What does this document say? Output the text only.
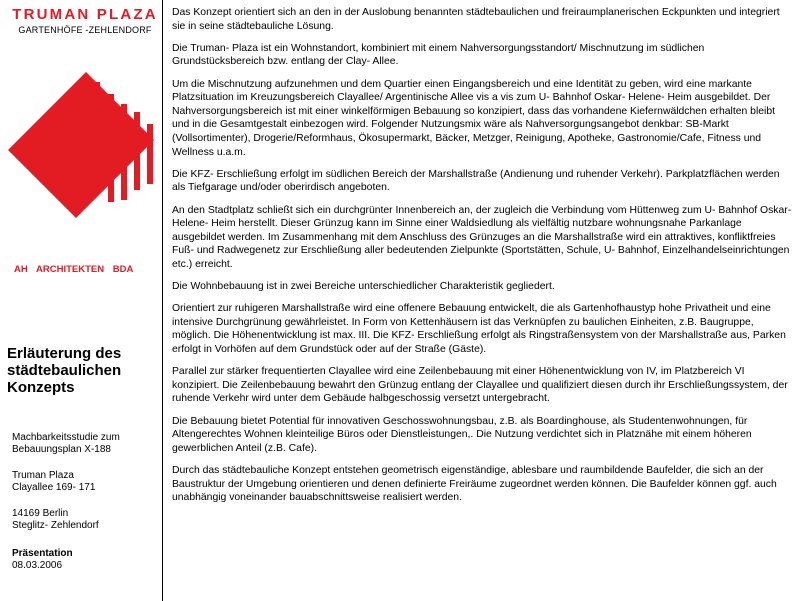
TRUMAN PLAZA
GARTENHÖFE -ZEHLENDORF
AH ARCHITEKTEN BDA
Erläuterung des
städtebaulichen
Konzepts
Machbarkeitsstudie zum
Bebauungsplan X-188
Truman Plaza
Clayallee 169- 171
14169 Berlin
Steglitz- Zehlendorf
Präsentation
08.03.2006

Das Konzept orientiert sich an den in der Auslobung benannten städtebaulichen und freiraumplanerischen Eckpunkten und integriert sie in seine städtebauliche Lösung.

Die Truman- Plaza ist ein Wohnstandort, kombiniert mit einem Nahversorgungsstandort/ Mischnutzung im südlichen Grundstücksbereich bzw. entlang der Clay- Allee.

Um die Mischnutzung aufzunehmen und dem Quartier einen Eingangsbereich und eine Identität zu geben, wird eine markante Platzsituation im Kreuzungsbereich Clayallee/ Argentinische Allee vis a vis zum U- Bahnhof Oskar- Helene- Heim ausgebildet. Der Nahversorgungsbereich ist mit einer winkelförmigen Bebauung so konzipiert, dass das vorhandene Kiefernwäldchen erhalten bleibt und in die Gesamtgestalt einbezogen wird. Folgender Nutzungsmix wäre als Nahversorgungsangebot denkbar: SB-Markt (Vollsortimenter), Drogerie/Reformhaus, Ökosupermarkt, Bäcker, Metzger, Reinigung, Apotheke, Gastronomie/Cafe, Fitness und Wellness u.a.m.

Die KFZ- Erschließung erfolgt im südlichen Bereich der Marshallstraße (Andienung und ruhender Verkehr). Parkplatzflächen werden als Tiefgarage und/oder oberirdisch angeboten.

An den Stadtplatz schließt sich ein durchgrünter Innenbereich an, der zugleich die Verbindung vom Hüttenweg zum U- Bahnhof Oskar- Helene- Heim herstellt. Dieser Grünzug kann im Sinne einer Waldsiedlung als vielfältig nutzbare wohnungsnahe Parkanlage ausgebildet werden. Im Zusammenhang mit dem Anschluss des Grünzuges an die Marshallstraße wird ein attraktives, konfliktfreies Fuß- und Radwegenetz zur Erschließung aller bedeutenden Zielpunkte (Sportstätten, Schule, U- Bahnhof, Einzelhandelseinrichtungen etc.) erreicht.

Die Wohnbebauung ist in zwei Bereiche unterschiedlicher Charakteristik gegliedert.

Orientiert zur ruhigeren Marshallstraße wird eine offenere Bebauung entwickelt, die als Gartenhofhaustyp hohe Privatheit und eine intensive Durchgrünung gewährleistet. In Form von Kettenhäusern ist das Verknüpfen zu baulichen Einheiten, z.B. Baugruppe, möglich. Die Höhenentwicklung ist max. III. Die KFZ- Erschließung erfolgt als Ringstraßensystem von der Marshallstraße aus, Parken erfolgt in Vorhöfen auf dem Grundstück oder auf der Straße (Gäste).

Parallel zur stärker frequentierten Clayallee wird eine Zeilenbebauung mit einer Höhenentwicklung von IV, im Platzbereich VI konzipiert. Die Zeilenbebauung bewahrt den Grünzug entlang der Clayallee und qualifiziert diesen durch ihr Erschließungssystem, der ruhende Verkehr wird unter dem Gebäude halbgeschossig versetzt untergebracht.

Die Bebauung bietet Potential für innovativen Geschosswohnungsbau, z.B. als Boardinghouse, als Studentenwohnungen, für Altengerechtes Wohnen kleinteilige Büros oder Dienstleistungen,. Die Nutzung verdichtet sich in Platznähe mit einem höheren gewerblichen Anteil (z.B. Cafe).

Durch das städtebauliche Konzept entstehen geometrisch eigenständige, ablesbare und raumbildende Baufelder, die sich an der Baustruktur der Umgebung orientieren und denen definierte Freiräume zugeordnet werden können. Die Baufelder können ggf. auch unabhängig voneinander bauabschnittsweise realisiert werden.
